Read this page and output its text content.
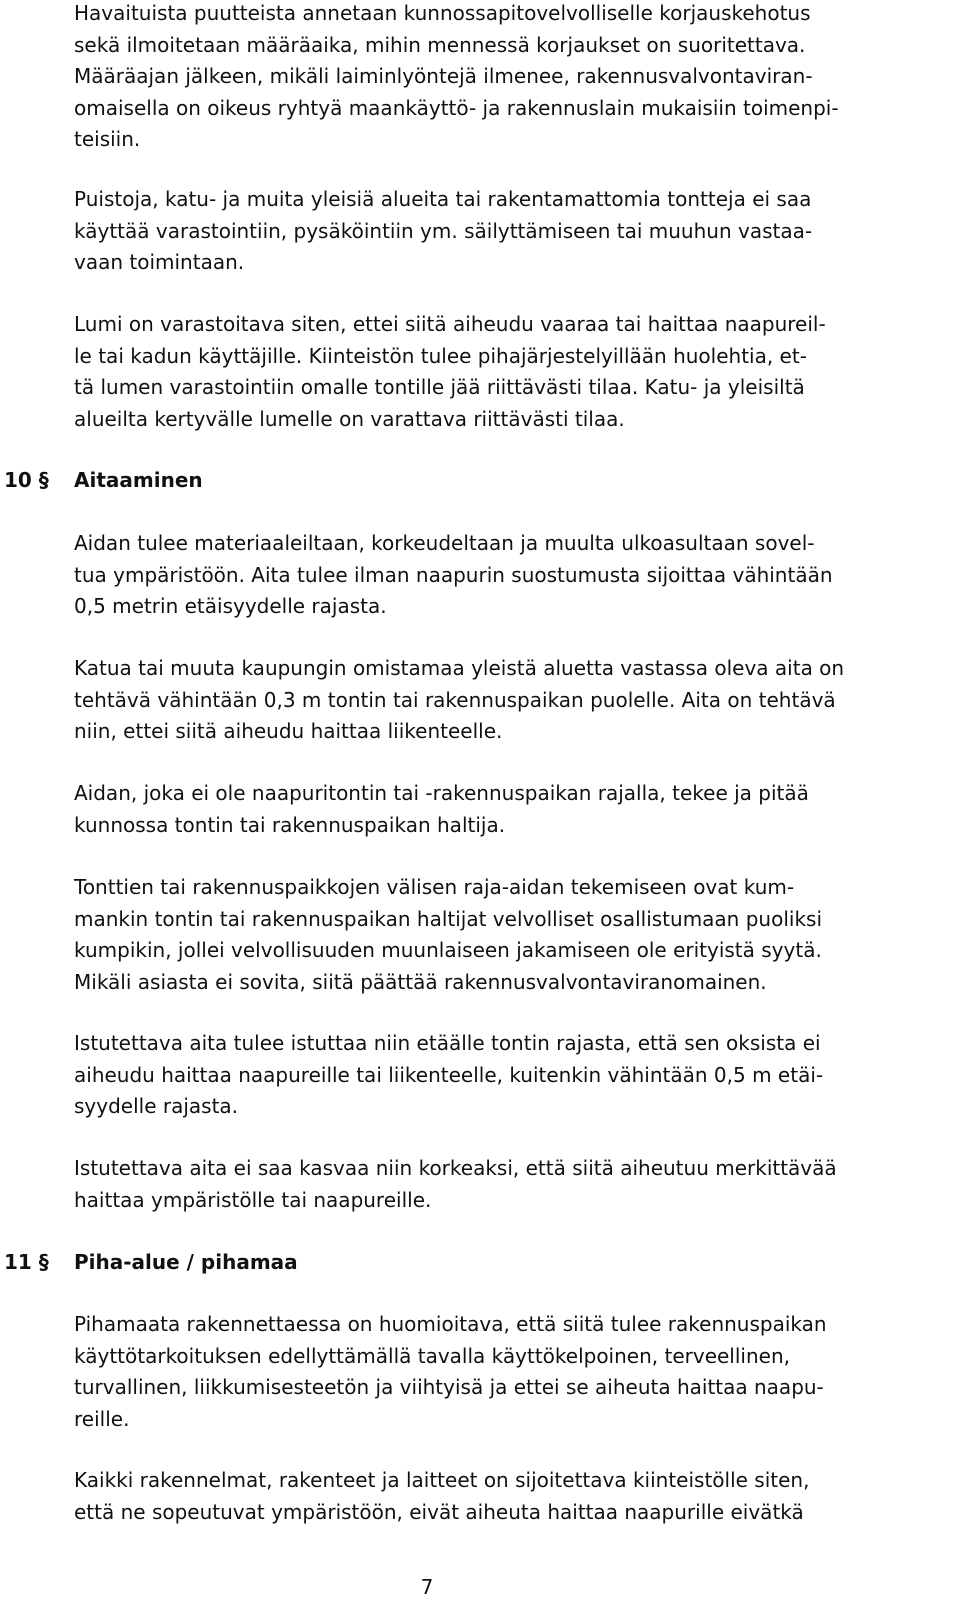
Havaituista puutteista annetaan kunnossapitovelvolliselle korjauskehotus
sekä ilmoitetaan määräaika, mihin mennessä korjaukset on suoritettava.
Määräajan jälkeen, mikäli laiminlyöntejä ilmenee, rakennusvalvontaviran-
omaisella on oikeus ryhtyä maankäyttö- ja rakennuslain mukaisiin toimenpi-
teisiin.
Puistoja, katu- ja muita yleisiä alueita tai rakentamattomia tontteja ei saa
käyttää varastointiin, pysäköintiin ym. säilyttämiseen tai muuhun vastaa-
vaan toimintaan.
Lumi on varastoitava siten, ettei siitä aiheudu vaaraa tai haittaa naapureil-
le tai kadun käyttäjille. Kiinteistön tulee pihajärjestelyillään huolehtia, et-
tä lumen varastointiin omalle tontille jää riittävästi tilaa. Katu- ja yleisiltä
alueilta kertyvälle lumelle on varattava riittävästi tilaa.
10 § Aitaaminen
Aidan tulee materiaaleiltaan, korkeudeltaan ja muulta ulkoasultaan sovel-
tua ympäristöön. Aita tulee ilman naapurin suostumusta sijoittaa vähintään
0,5 metrin etäisyydelle rajasta.
Katua tai muuta kaupungin omistamaa yleistä aluetta vastassa oleva aita on
tehtävä vähintään 0,3 m tontin tai rakennuspaikan puolelle. Aita on tehtävä
niin, ettei siitä aiheudu haittaa liikenteelle.
Aidan, joka ei ole naapuritontin tai -rakennuspaikan rajalla, tekee ja pitää
kunnossa tontin tai rakennuspaikan haltija.
Tonttien tai rakennuspaikkojen välisen raja-aidan tekemiseen ovat kum-
mankin tontin tai rakennuspaikan haltijat velvolliset osallistumaan puoliksi
kumpikin, jollei velvollisuuden muunlaiseen jakamiseen ole erityistä syytä.
Mikäli asiasta ei sovita, siitä päättää rakennusvalvontaviranomainen.
Istutettava aita tulee istuttaa niin etäälle tontin rajasta, että sen oksista ei
aiheudu haittaa naapureille tai liikenteelle, kuitenkin vähintään 0,5 m etäi-
syydelle rajasta.
Istutettava aita ei saa kasvaa niin korkeaksi, että siitä aiheutuu merkittävää
haittaa ympäristölle tai naapureille.
11 § Piha-alue / pihamaa
Pihamaata rakennettaessa on huomioitava, että siitä tulee rakennuspaikan
käyttötarkoituksen edellyttämällä tavalla käyttökelpoinen, terveellinen,
turvallinen, liikkumisesteetön ja viihtyisä ja ettei se aiheuta haittaa naapu-
reille.
Kaikki rakennelmat, rakenteet ja laitteet on sijoitettava kiinteistölle siten,
että ne sopeutuvat ympäristöön, eivät aiheuta haittaa naapurille eivätkä
7
